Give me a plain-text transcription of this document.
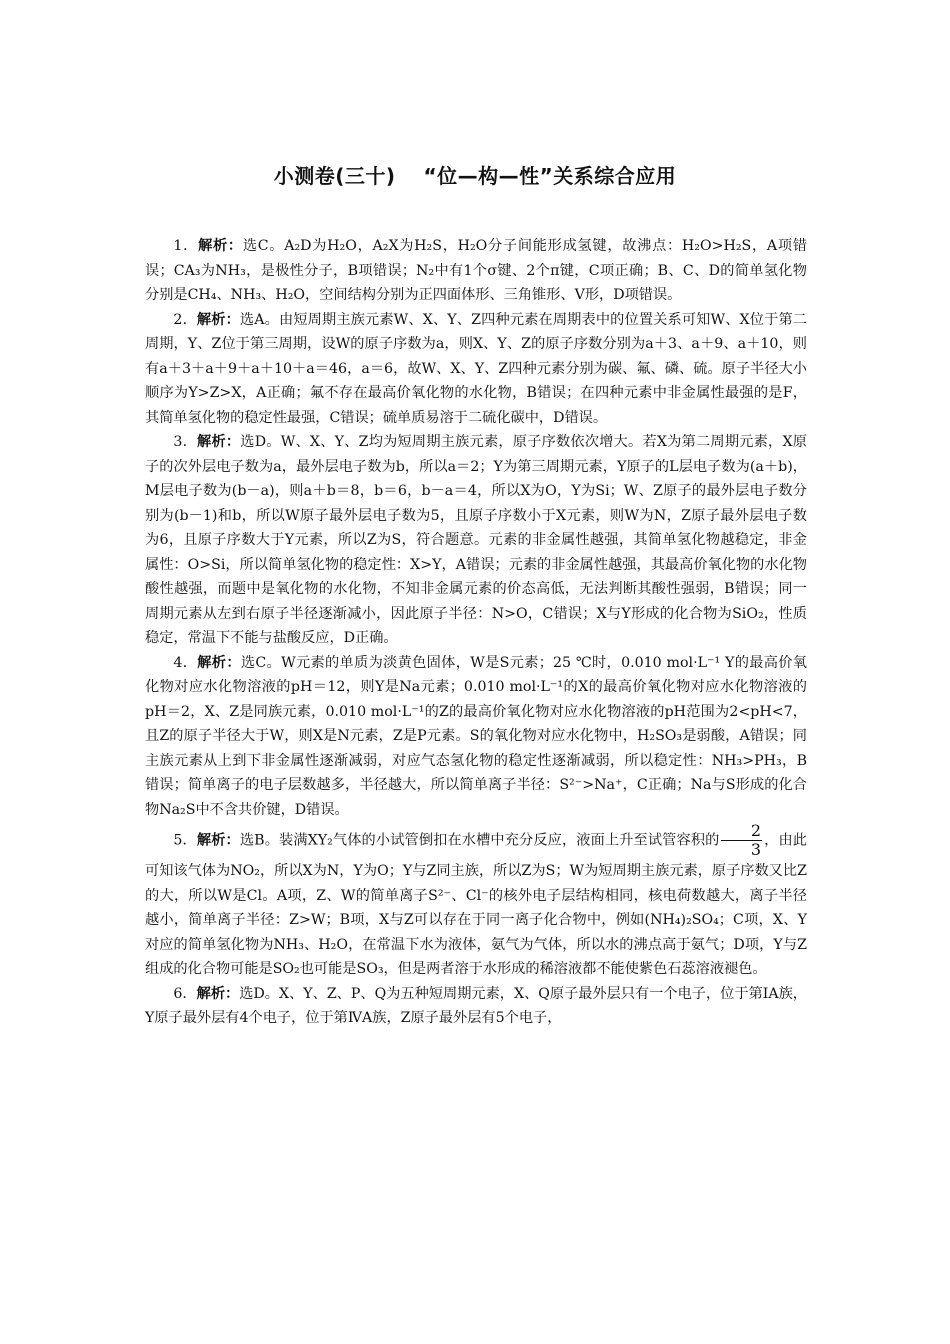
小测卷(三十) “位—构—性”关系综合应用

1．解析：选C。A₂D为H₂O，A₂X为H₂S，H₂O分子间能形成氢键，故沸点：H₂O>H₂S，A项错误；CA₃为NH₃，是极性分子，B项错误；N₂中有1个σ键、2个π键，C项正确；B、C、D的简单氢化物分别是CH₄、NH₃、H₂O，空间结构分别为正四面体形、三角锥形、V形，D项错误。

2．解析：选A。由短周期主族元素W、X、Y、Z四种元素在周期表中的位置关系可知W、X位于第二周期，Y、Z位于第三周期，设W的原子序数为a，则X、Y、Z的原子序数分别为a＋3、a＋9、a＋10，则有a＋3＋a＋9＋a＋10＋a＝46，a＝6，故W、X、Y、Z四种元素分别为碳、氟、磷、硫。原子半径大小顺序为Y>Z>X，A正确；氟不存在最高价氧化物的水化物，B错误；在四种元素中非金属性最强的是F，其简单氢化物的稳定性最强，C错误；硫单质易溶于二硫化碳中，D错误。

3．解析：选D。W、X、Y、Z均为短周期主族元素，原子序数依次增大。若X为第二周期元素，X原子的次外层电子数为a，最外层电子数为b，所以a＝2；Y为第三周期元素，Y原子的L层电子数为(a＋b)，M层电子数为(b－a)，则a＋b＝8，b＝6，b－a＝4，所以X为O，Y为Si；W、Z原子的最外层电子数分别为(b－1)和b，所以W原子最外层电子数为5，且原子序数小于X元素，则W为N，Z原子最外层电子数为6，且原子序数大于Y元素，所以Z为S，符合题意。元素的非金属性越强，其简单氢化物越稳定，非金属性：O>Si，所以简单氢化物的稳定性：X>Y，A错误；元素的非金属性越强，其最高价氧化物的水化物酸性越强，而题中是氧化物的水化物，不知非金属元素的价态高低，无法判断其酸性强弱，B错误；同一周期元素从左到右原子半径逐渐减小，因此原子半径：N>O，C错误；X与Y形成的化合物为SiO₂，性质稳定，常温下不能与盐酸反应，D正确。

4．解析：选C。W元素的单质为淡黄色固体，W是S元素；25 ℃时，0.010 mol·L⁻¹ Y的最高价氧化物对应水化物溶液的pH＝12，则Y是Na元素；0.010 mol·L⁻¹的X的最高价氧化物对应水化物溶液的pH＝2，X、Z是同族元素，0.010 mol·L⁻¹的Z的最高价氧化物对应水化物溶液的pH范围为2<pH<7，且Z的原子半径大于W，则X是N元素，Z是P元素。S的氧化物对应水化物中，H₂SO₃是弱酸，A错误；同主族元素从上到下非金属性逐渐减弱，对应气态氢化物的稳定性逐渐减弱，所以稳定性：NH₃>PH₃，B错误；简单离子的电子层数越多，半径越大，所以简单离子半径：S²⁻>Na⁺，C正确；Na与S形成的化合物Na₂S中不含共价键，D错误。

5．解析：选B。装满XY₂气体的小试管倒扣在水槽中充分反应，液面上升至试管容积的 $\frac{2}{3}$ ，由此可知该气体为NO₂，所以X为N，Y为O；Y与Z同主族，所以Z为S；W为短周期主族元素，原子序数又比Z的大，所以W是Cl。A项，Z、W的简单离子S²⁻、Cl⁻的核外电子层结构相同，核电荷数越大，离子半径越小，简单离子半径：Z>W；B项，X与Z可以存在于同一离子化合物中，例如(NH₄)₂SO₄；C项，X、Y对应的简单氢化物为NH₃、H₂O，在常温下水为液体，氨气为气体，所以水的沸点高于氨气；D项，Y与Z组成的化合物可能是SO₂也可能是SO₃，但是两者溶于水形成的稀溶液都不能使紫色石蕊溶液褪色。

6．解析：选D。X、Y、Z、P、Q为五种短周期元素，X、Q原子最外层只有一个电子，位于第ⅠA族，Y原子最外层有4个电子，位于第ⅣA族，Z原子最外层有5个电子，
